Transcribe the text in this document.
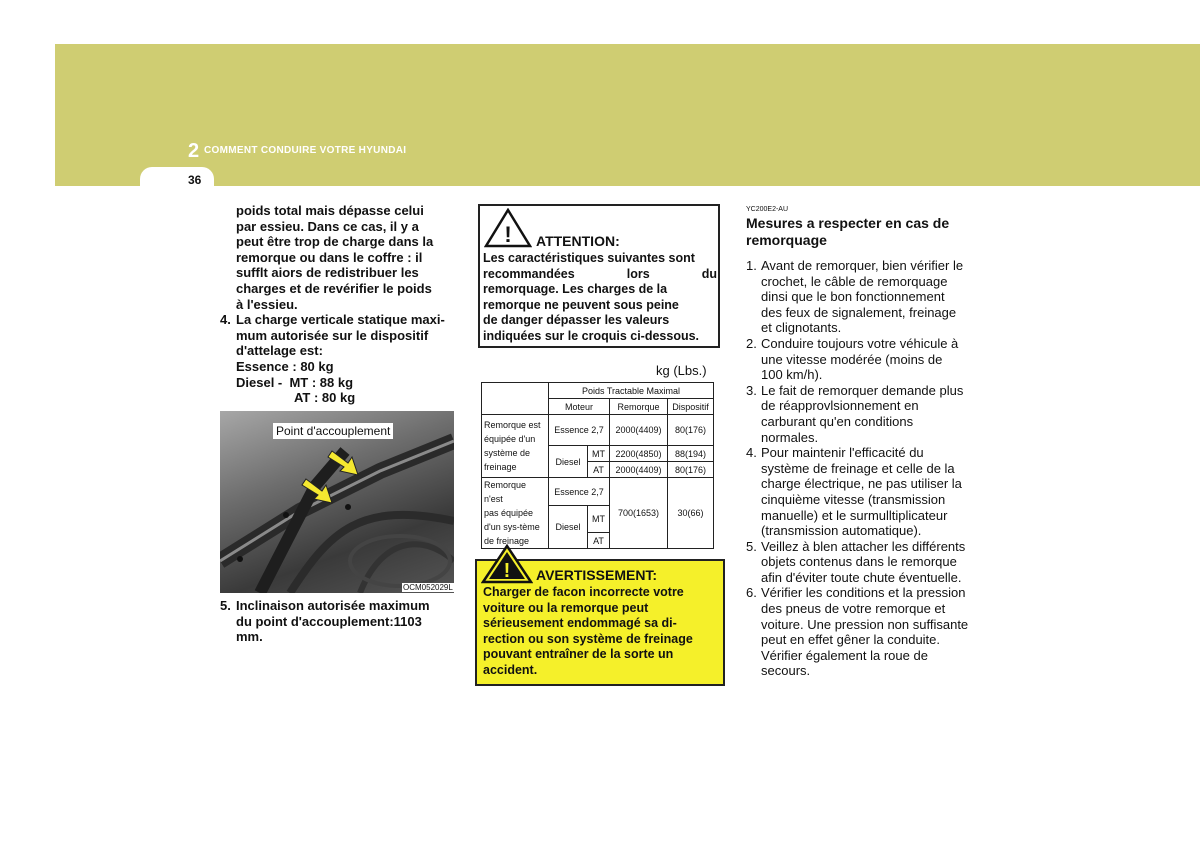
2 COMMENT CONDUIRE VOTRE HYUNDAI
36

poids total mais dépasse celui
par essieu. Dans ce cas, il y a
peut être trop de charge dans la
remorque ou dans le coffre : il
sufflt aiors de redistribuer les
charges et de revérifier le poids
à l'essieu.

4. La charge verticale statique maxi-
mum autorisée sur le dispositif
d'attelage est:
Essence : 80 kg
Diesel -  MT : 88 kg
AT : 80 kg
Point d'accouplement
OCM052029L
5. Inclinaison autorisée maximum
du point d'accouplement:1103
mm.
! ATTENTION:
Les caractéristiques suivantes sont
recommandées lors du
remorquage. Les charges de la
remorque ne peuvent sous peine
de danger dépasser les valeurs
indiquées sur le croquis ci-dessous.
kg (Lbs.)
	Poids Tractable Maximal			
	Moteur		Remorque	Dispositif

Remorque est
équipée d'un
système de
freinage	Essence 2,7		2000(4409)	80(176)

	Diesel	MT	2200(4850)	88(194)
		AT	2000(4409)	80(176)

Remorque n'est
pas équipée
d'un sys-tème
de freinage	Essence 2,7		700(1653)	30(66)
	Diesel	MT		
		AT		
! AVERTISSEMENT:
Charger de facon incorrecte votre
voiture ou la remorque peut
sérieusement endommagé sa di-
rection ou son système de freinage
pouvant entraîner de la sorte un
accident.
YC200E2-AU
Mesures a respecter en cas de
remorquage
1. Avant de remorquer, bien vérifier le
crochet, le câble de remorquage
dinsi que le bon fonctionnement
des feux de signalement, freinage
et clignotants.
2. Conduire toujours votre véhicule à
une vitesse modérée (moins de
100 km/h).
3. Le fait de remorquer demande plus
de réapprovlsionnement en
carburant qu'en conditions
normales.
4. Pour maintenir l'efficacité du
système de freinage et celle de la
charge électrique, ne pas utiliser la
cinquième vitesse (transmission
manuelle) et le surmulltiplicateur
(transmission automatique).
5. Veillez à blen attacher les différents
objets contenus dans le remorque
afin d'éviter toute chute éventuelle.
6. Vérifier les conditions et la pression
des pneus de votre remorque et
voiture. Une pression non suffisante
peut en effet gêner la conduite.
Vérifier également la roue de
secours.
